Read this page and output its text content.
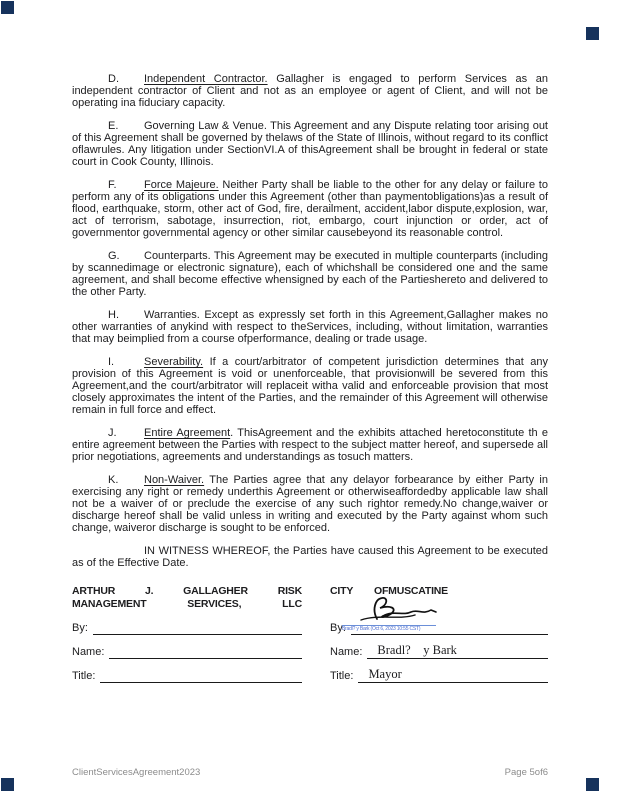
D. Independent Contractor. Gallagher is engaged to perform Services as an independent contractor of Client and not as an employee or agent of Client, and will not be operating ina fiduciary capacity.

E. Governing Law & Venue. This Agreement and any Dispute relating toor arising out of this Agreement shall be governed by thelaws of the State of Illinois, without regard to its conflict oflawrules. Any litigation under SectionVI.A of thisAgreement shall be brought in federal or state court in Cook County, Illinois.

F. Force Majeure. Neither Party shall be liable to the other for any delay or failure to perform any of its obligations under this Agreement (other than paymentobligations)as a result of flood, earthquake, storm, other act of God, fire, derailment, accident,labor dispute,explosion, war, act of terrorism, sabotage, insurrection, riot, embargo, court injunction or order, act of governmentor governmental agency or other similar causebeyond its reasonable control.

G. Counterparts. This Agreement may be executed in multiple counterparts (including by scannedimage or electronic signature), each of whichshall be considered one and the same agreement, and shall become effective whensigned by each of the Partieshereto and delivered to the other Party.

H. Warranties. Except as expressly set forth in this Agreement,Gallagher makes no other warranties of anykind with respect to theServices, including, without limitation, warranties that may beimplied from a course ofperformance, dealing or trade usage.

I.	Severability. If a court/arbitrator of competent jurisdiction determines that any provision of this Agreement is void or unenforceable, that provisionwill be severed from this Agreement,and the court/arbitrator will replaceit witha valid and enforceable provision that most closely approximates the intent of the Parties, and the remainder of this Agreement will otherwise remain in full force and effect.

J. Entire Agreement. ThisAgreement and the exhibits attached heretoconstitute th e entire agreement between the Parties with respect to the subject matter hereof, and supersede all prior negotiations, agreements and understandings as tosuch matters.

K. Non-Waiver. The Parties agree that any delayor forbearance by either Party in exercising any right or remedy underthis Agreement or otherwiseaffordedby applicable law shall not be a waiver of or preclude the exercise of any such rightor remedy.No change,waiver or discharge hereof shall be valid unless in writing and executed by the Party against whom such change, waiveror discharge is sought to be enforced.

IN WITNESS WHEREOF, the Parties have caused this Agreement to be executed as of the Effective Date.

ARTHUR J. GALLAGHER RISK
MANAGEMENT SERVICES, LLC
By:
Name:
Title:
CITY OFMUSCATINE
By:
Bradl? y Bark (Oct 6, 2023 10:55 CST)
Name:	Bradl?    y Bark
Title:	Mayor
ClientServicesAgreement2023	Page 5of6
